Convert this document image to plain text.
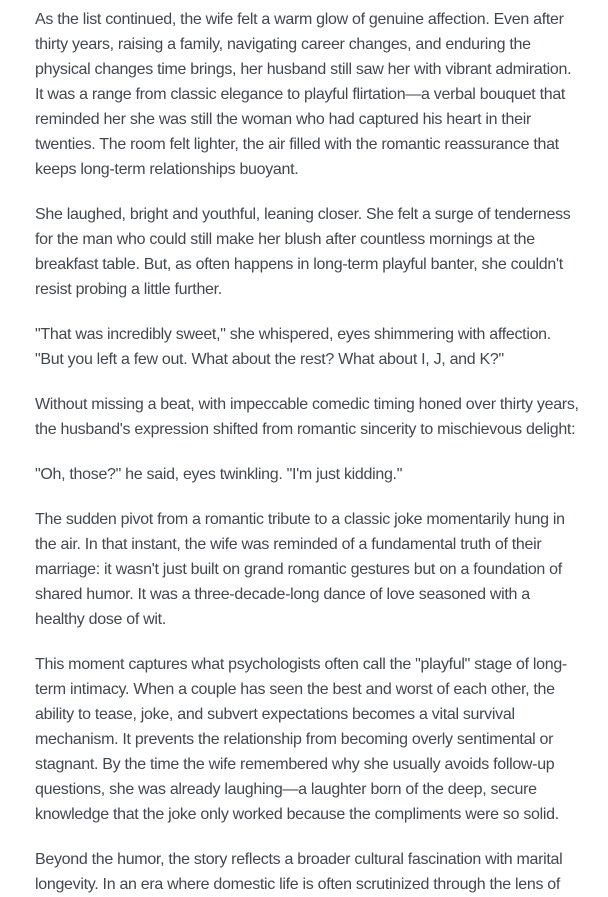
As the list continued, the wife felt a warm glow of genuine affection. Even after
thirty years, raising a family, navigating career changes, and enduring the
physical changes time brings, her husband still saw her with vibrant admiration.
It was a range from classic elegance to playful flirtation—a verbal bouquet that
reminded her she was still the woman who had captured his heart in their
twenties. The room felt lighter, the air filled with the romantic reassurance that
keeps long-term relationships buoyant.
She laughed, bright and youthful, leaning closer. She felt a surge of tenderness
for the man who could still make her blush after countless mornings at the
breakfast table. But, as often happens in long-term playful banter, she couldn't
resist probing a little further.
"That was incredibly sweet," she whispered, eyes shimmering with affection.
"But you left a few out. What about the rest? What about I, J, and K?"
Without missing a beat, with impeccable comedic timing honed over thirty years,
the husband's expression shifted from romantic sincerity to mischievous delight:
"Oh, those?" he said, eyes twinkling. "I'm just kidding."
The sudden pivot from a romantic tribute to a classic joke momentarily hung in
the air. In that instant, the wife was reminded of a fundamental truth of their
marriage: it wasn't just built on grand romantic gestures but on a foundation of
shared humor. It was a three-decade-long dance of love seasoned with a
healthy dose of wit.
This moment captures what psychologists often call the "playful" stage of long-
term intimacy. When a couple has seen the best and worst of each other, the
ability to tease, joke, and subvert expectations becomes a vital survival
mechanism. It prevents the relationship from becoming overly sentimental or
stagnant. By the time the wife remembered why she usually avoids follow-up
questions, she was already laughing—a laughter born of the deep, secure
knowledge that the joke only worked because the compliments were so solid.
Beyond the humor, the story reflects a broader cultural fascination with marital
longevity. In an era where domestic life is often scrutinized through the lens of
